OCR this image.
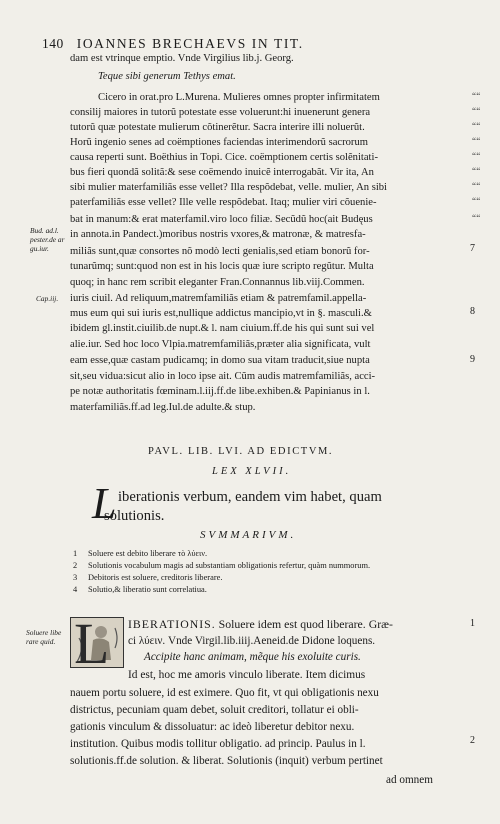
140 IOANNES BRECHAEVS IN TIT.
dam est vtrinque emptio. Vnde Virgilius lib.j. Georg.
Teque sibi generum Tethys emat.
Cicero in orat.pro L.Murena. Mulieres omnes propter infirmitatem
consilij maiores in tutorũ potestate esse voluerunt:hi inuenerunt genera
tutorũ quæ potestate mulierum cõtinerẽtur. Sacra interire illi noluerũt.
Horũ ingenio senes ad coëmptiones faciendas interimendorũ sacrorum
causa reperti sunt. Boëthius in Topi. Cice. coëmptionem certis solẽnitati-
bus fieri quondã solitã:& sese coëmendo inuicẽ interrogabãt. Vir ita, An
sibi mulier materfamiliãs esse vellet? Illa respõdebat, velle. mulier, An sibi
paterfamiliãs esse vellet? Ille velle respõdebat. Itaq; mulier viri cõuenie-
bat in manum:& erat materfamil.viro loco filiæ. Secũdũ hoc(ait Budęus
in annota.in Pandect.)moribus nostris vxores,& matronæ, & matresfa-
miliãs sunt,quæ consortes nõ modò lecti genialis,sed etiam bonorũ for-
tunarũmq; sunt:quod non est in his locis quæ iure scripto regũtur. Multa
quoq; in hanc rem scribit eleganter Fran.Connannus lib.viij.Commen.
iuris ciuil. Ad reliquum,matremfamiliãs etiam & patremfamil.appella-
mus eum qui sui iuris est,nullique addictus mancipio,vt in §. masculi.&
ibidem gl.instit.ciuilib.de nupt.& l. nam ciuium.ff.de his qui sunt sui vel
alie.iur. Sed hoc loco Vlpia.matremfamiliãs,præter alia significata, vult
eam esse,quæ castam pudicamq; in domo sua vitam traducit,siue nupta
sit,seu vidua:sicut alio in loco ipse ait. Cũm audis matremfamiliãs, acci-
pe notæ authoritatis fœminam.l.iij.ff.de libe.exhiben.& Papinianus in l.
materfamiliãs.ff.ad leg.Iul.de adulte.& stup.
Bud. ad.l.
pester.de ar
gu.iur.
Cap.iij.
Soluere libe
rare quid.
7
8
9
1
2
“ “
“ “
“ “
“ “
“ “
“ “
“ “
“ “
“ “
PAVL. LIB. LVI. AD EDICTVM.
LEX XLVII.
L iberationis verbum, eandem vim habet, quam
solutionis.
SVMMARIVM.
1 Soluere est debito liberare τὸ λύειν.
2 Solutionis vocabulum magis ad substantiam obligationis refertur, quàm nummorum.
3 Debitoris est soluere, creditoris liberare.
4 Solutio,& liberatio sunt correlatiua.
L IBERATIONIS. Soluere idem est quod liberare. Græ-
ci λύειν. Vnde Virgil.lib.iiij.Aeneid.de Didone loquens.
Accipite hanc animam, mẽque his exoluite curis.
Id est, hoc me amoris vinculo liberate. Item dicimus
nauem portu soluere, id est eximere. Quo fit, vt qui obligationis nexu
districtus, pecuniam quam debet, soluit creditori, tollatur ei obli-
gationis vinculum & dissoluatur: ac ideò liberetur debitor nexu.
institution. Quibus modis tollitur obligatio. ad princip. Paulus in l.
solutionis.ff.de solution. & liberat. Solutionis (inquit) verbum pertinet
ad omnem
